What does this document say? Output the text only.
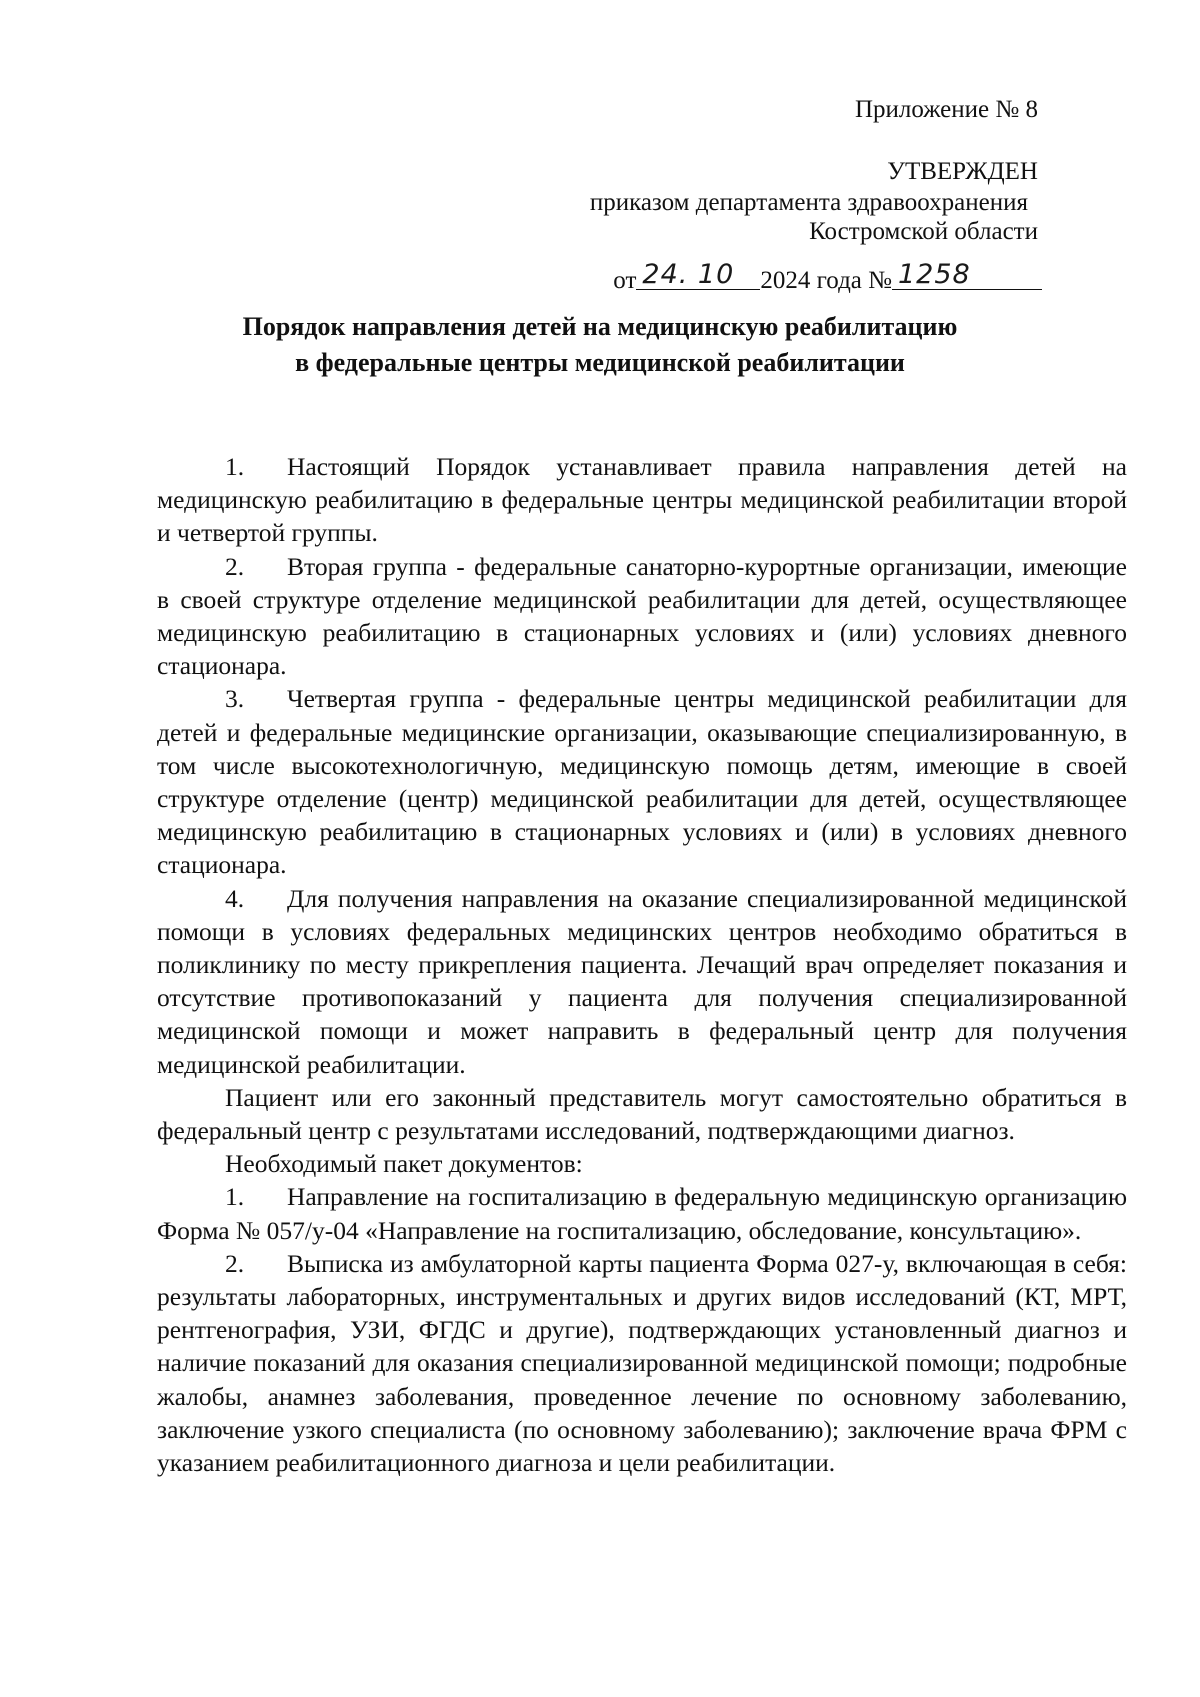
Приложение № 8
УТВЕРЖДЕН
приказом департамента здравоохранения
Костромской области
от 24. 10 2024 года № 1258
Порядок направления детей на медицинскую реабилитацию
в федеральные центры медицинской реабилитации

1. Настоящий Порядок устанавливает правила направления детей на медицинскую реабилитацию в федеральные центры медицинской реабилитации второй и четвертой группы.

2. Вторая группа - федеральные санаторно-курортные организации, имеющие в своей структуре отделение медицинской реабилитации для детей, осуществляющее медицинскую реабилитацию в стационарных условиях и (или) условиях дневного стационара.

3. Четвертая группа - федеральные центры медицинской реабилитации для детей и федеральные медицинские организации, оказывающие специализированную, в том числе высокотехнологичную, медицинскую помощь детям, имеющие в своей структуре отделение (центр) медицинской реабилитации для детей, осуществляющее медицинскую реабилитацию в стационарных условиях и (или) в условиях дневного стационара.

4. Для получения направления на оказание специализированной медицинской помощи в условиях федеральных медицинских центров необходимо обратиться в поликлинику по месту прикрепления пациента. Лечащий врач определяет показания и отсутствие противопоказаний у пациента для получения специализированной медицинской помощи и может направить в федеральный центр для получения медицинской реабилитации.

Пациент или его законный представитель могут самостоятельно обратиться в федеральный центр с результатами исследований, подтверждающими диагноз.

Необходимый пакет документов:

1. Направление на госпитализацию в федеральную медицинскую организацию Форма № 057/у-04 «Направление на госпитализацию, обследование, консультацию».

2. Выписка из амбулаторной карты пациента Форма 027-у, включающая в себя: результаты лабораторных, инструментальных и других видов исследований (КТ, МРТ, рентгенография, УЗИ, ФГДС и другие), подтверждающих установленный диагноз и наличие показаний для оказания специализированной медицинской помощи; подробные жалобы, анамнез заболевания, проведенное лечение по основному заболеванию, заключение узкого специалиста (по основному заболеванию); заключение врача ФРМ с указанием реабилитационного диагноза и цели реабилитации.
